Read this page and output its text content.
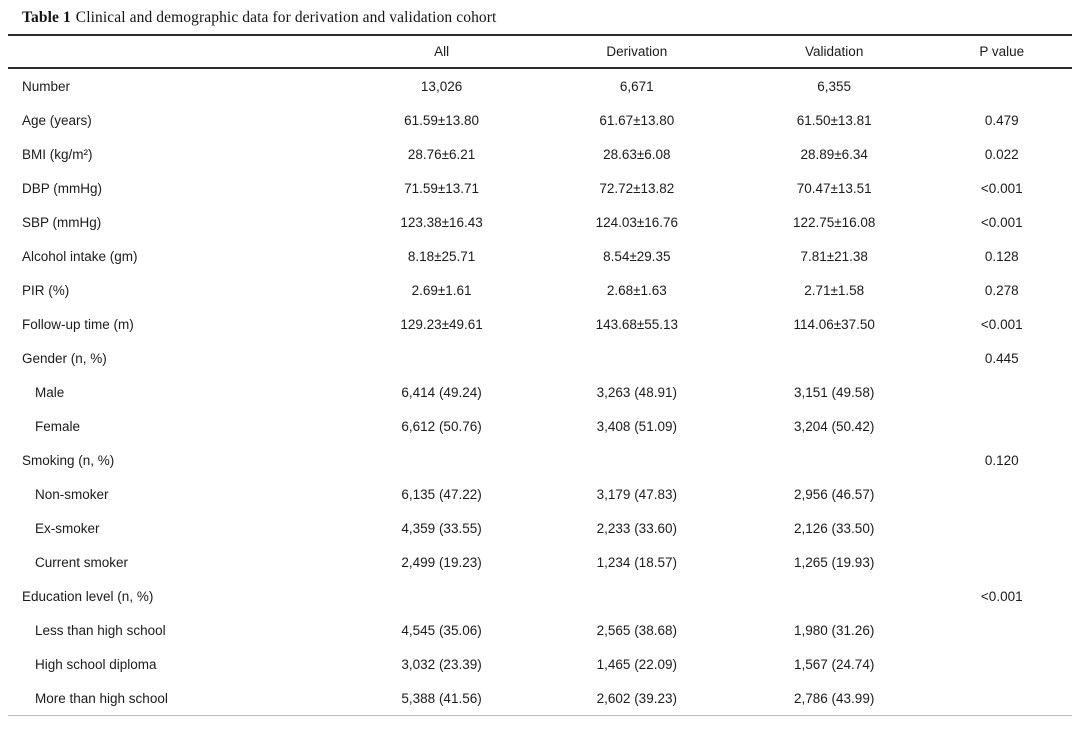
Table 1 Clinical and demographic data for derivation and validation cohort
	All	Derivation	Validation	P value
Number	13,026	6,671	6,355	
Age (years)	61.59±13.80	61.67±13.80	61.50±13.81	0.479
BMI (kg/m²)	28.76±6.21	28.63±6.08	28.89±6.34	0.022
DBP (mmHg)	71.59±13.71	72.72±13.82	70.47±13.51	<0.001
SBP (mmHg)	123.38±16.43	124.03±16.76	122.75±16.08	<0.001
Alcohol intake (gm)	8.18±25.71	8.54±29.35	7.81±21.38	0.128
PIR (%)	2.69±1.61	2.68±1.63	2.71±1.58	0.278
Follow-up time (m)	129.23±49.61	143.68±55.13	114.06±37.50	<0.001
Gender (n, %)				0.445
Male	6,414 (49.24)	3,263 (48.91)	3,151 (49.58)	
Female	6,612 (50.76)	3,408 (51.09)	3,204 (50.42)	
Smoking (n, %)				0.120
Non-smoker	6,135 (47.22)	3,179 (47.83)	2,956 (46.57)	
Ex-smoker	4,359 (33.55)	2,233 (33.60)	2,126 (33.50)	
Current smoker	2,499 (19.23)	1,234 (18.57)	1,265 (19.93)	
Education level (n, %)				<0.001
Less than high school	4,545 (35.06)	2,565 (38.68)	1,980 (31.26)	
High school diploma	3,032 (23.39)	1,465 (22.09)	1,567 (24.74)	
More than high school	5,388 (41.56)	2,602 (39.23)	2,786 (43.99)	
